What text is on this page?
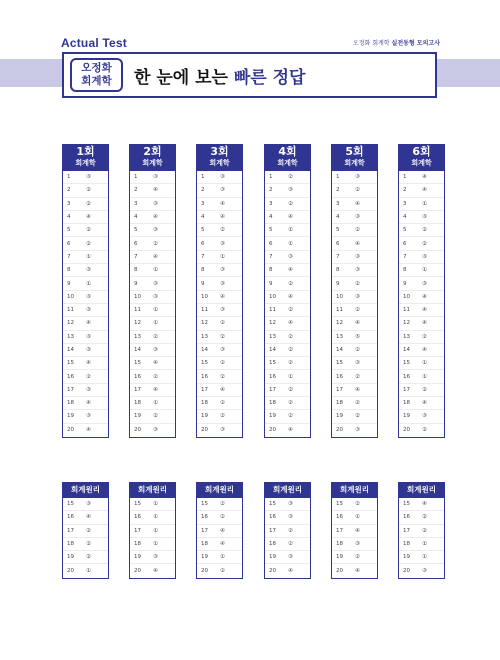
Actual Test	오정화 회계학 실전동형 모의고사
오정화
회계학 한 눈에 보는 빠른 정답
1회
회계학
1	③
2	②
3	②
4	④
5	②
6	②
7	①
8	③
9	①
10	③
11	③
12	④
13	③
14	③
15	④
16	②
17	③
18	④
19	③
20	④
2회
회계학
1	③
2	④
3	③
4	④
5	③
6	②
7	④
8	①
9	③
10	③
11	①
12	①
13	②
14	③
15	④
16	②
17	④
18	①
19	②
20	③
3회
회계학
1	③
2	③
3	④
4	④
5	②
6	③
7	①
8	③
9	③
10	④
11	③
12	②
13	②
14	③
15	②
16	②
17	④
18	②
19	②
20	③
4회
회계학
1	②
2	③
3	②
4	④
5	①
6	①
7	③
8	④
9	②
10	④
11	②
12	④
13	②
14	②
15	②
16	①
17	②
18	②
19	②
20	④
5회
회계학
1	③
2	②
3	④
4	③
5	②
6	④
7	③
8	③
9	②
10	③
11	②
12	④
13	⑤
14	②
15	③
16	②
17	④
18	②
19	②
20	③
6회
회계학
1	④
2	④
3	①
4	③
5	②
6	②
7	③
8	①
9	③
10	④
11	④
12	④
13	②
14	④
15	①
16	①
17	②
18	④
19	③
20	②
회계원리
15	③
16	④
17	②
18	②
19	②
20	①
회계원리
15	①
16	①
17	①
18	①
19	③
20	④
회계원리
15	②
16	②
17	④
18	④
19	①
20	②
회계원리
15	③
16	③
17	②
18	②
19	③
20	④
회계원리
15	②
16	①
17	④
18	③
19	②
20	④
회계원리
15	④
16	②
17	②
18	①
19	①
20	③
